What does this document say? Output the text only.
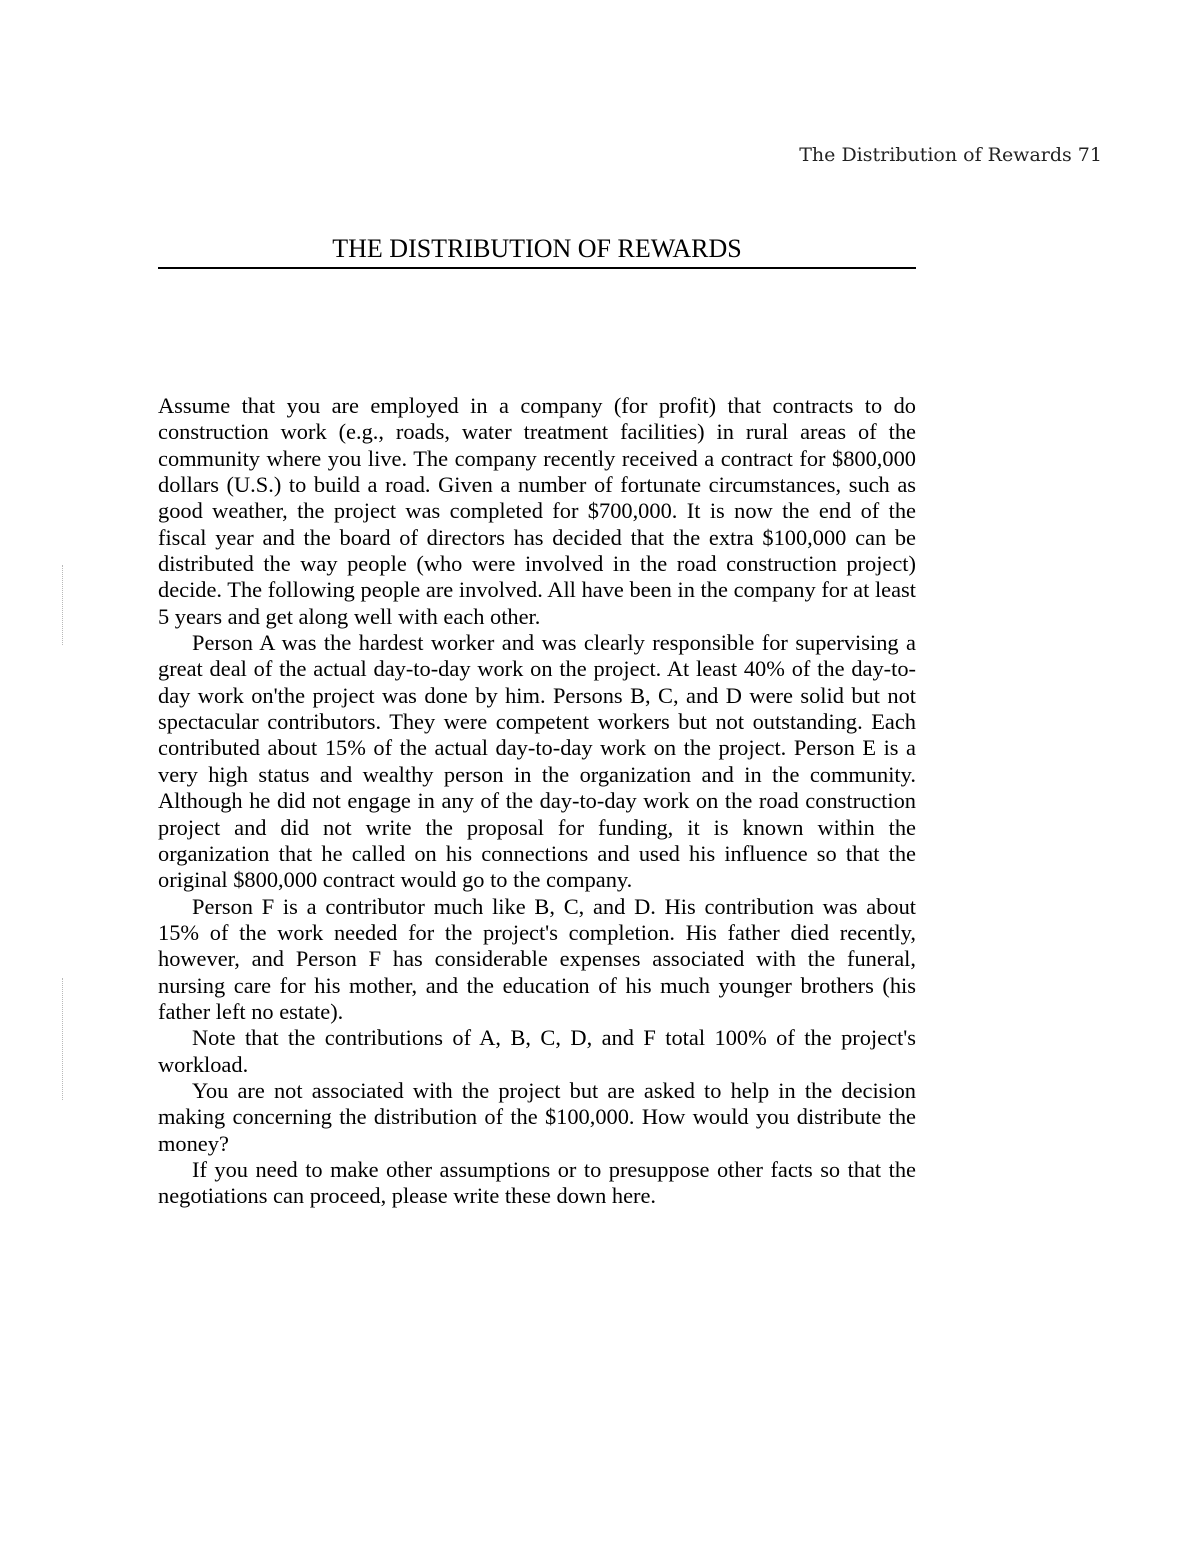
The Distribution of Rewards 71
THE DISTRIBUTION OF REWARDS

Assume that you are employed in a company (for profit) that contracts to do construction work (e.g., roads, water treatment facilities) in rural areas of the community where you live. The company recently received a contract for $800,000 dollars (U.S.) to build a road. Given a number of fortunate circumstances, such as good weather, the project was completed for $700,000. It is now the end of the fiscal year and the board of directors has decided that the extra $100,000 can be distributed the way people (who were involved in the road construction project) decide. The following people are involved. All have been in the company for at least 5 years and get along well with each other.

Person A was the hardest worker and was clearly responsible for supervising a great deal of the actual day-to-day work on the project. At least 40% of the day-to-day work on'the project was done by him. Persons B, C, and D were solid but not spectacular contributors. They were competent workers but not outstanding. Each contributed about 15% of the actual day-to-day work on the project. Person E is a very high status and wealthy person in the organization and in the community. Although he did not engage in any of the day-to-day work on the road construction project and did not write the proposal for funding, it is known within the organization that he called on his connections and used his influence so that the original $800,000 contract would go to the company.

Person F is a contributor much like B, C, and D. His contribution was about 15% of the work needed for the project's completion. His father died recently, however, and Person F has considerable expenses associated with the funeral, nursing care for his mother, and the education of his much younger brothers (his father left no estate).

Note that the contributions of A, B, C, D, and F total 100% of the project's workload.

You are not associated with the project but are asked to help in the decision making concerning the distribution of the $100,000. How would you distribute the money?

If you need to make other assumptions or to presuppose other facts so that the negotiations can proceed, please write these down here.
